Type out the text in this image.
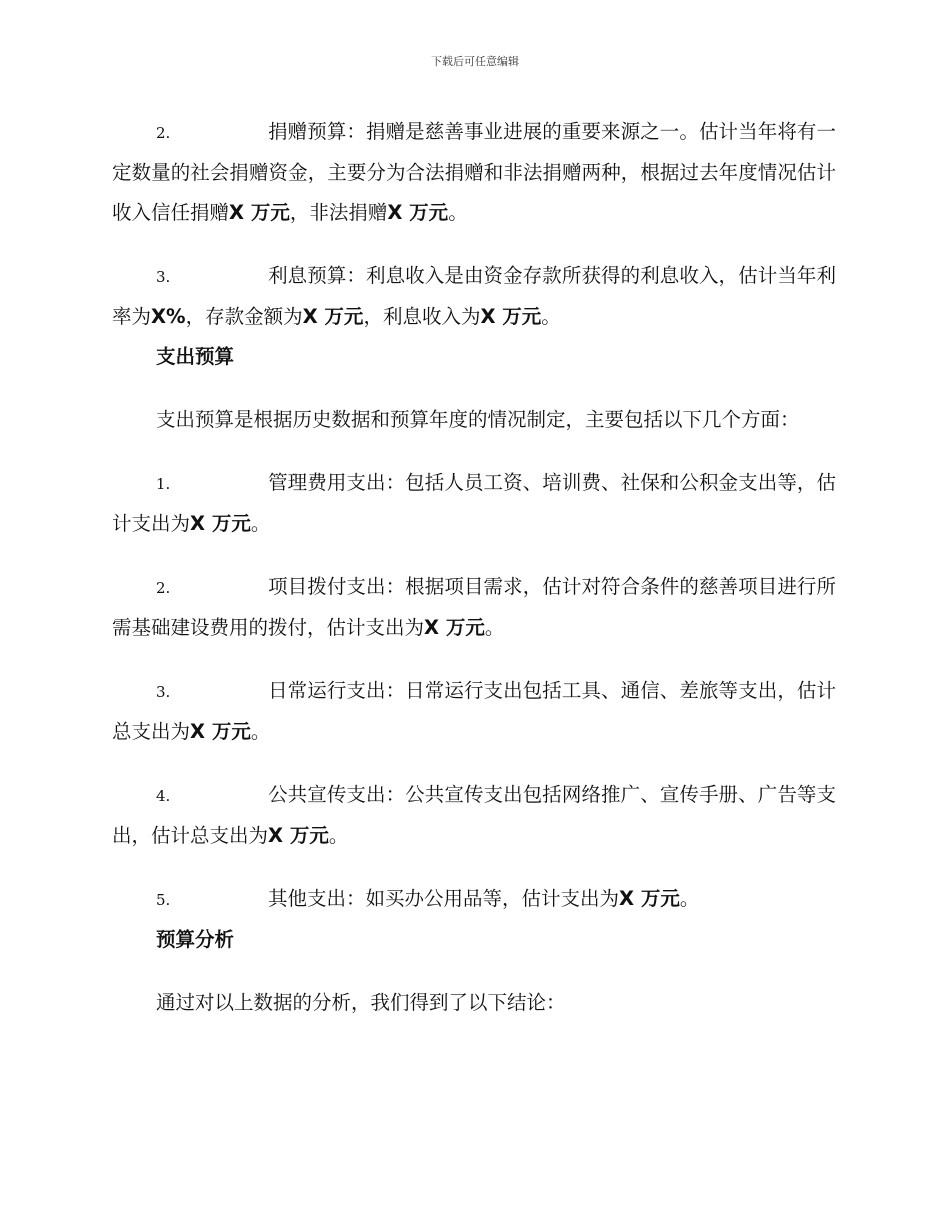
下载后可任意编辑

2.	捐赠预算：捐赠是慈善事业进展的重要来源之一。估计当年将有一定数量的社会捐赠资金，主要分为合法捐赠和非法捐赠两种，根据过去年度情况估计收入信任捐赠X 万元，非法捐赠X 万元。

3.	利息预算：利息收入是由资金存款所获得的利息收入，估计当年利率为X%，存款金额为X 万元，利息收入为X 万元。

支出预算

支出预算是根据历史数据和预算年度的情况制定，主要包括以下几个方面：

1.	管理费用支出：包括人员工资、培训费、社保和公积金支出等，估计支出为X 万元。

2.	项目拨付支出：根据项目需求，估计对符合条件的慈善项目进行所需基础建设费用的拨付，估计支出为X 万元。

3.	日常运行支出：日常运行支出包括工具、通信、差旅等支出，估计总支出为X 万元。

4.	公共宣传支出：公共宣传支出包括网络推广、宣传手册、广告等支出，估计总支出为X 万元。

5.	其他支出：如买办公用品等，估计支出为X 万元。

预算分析

通过对以上数据的分析，我们得到了以下结论：
